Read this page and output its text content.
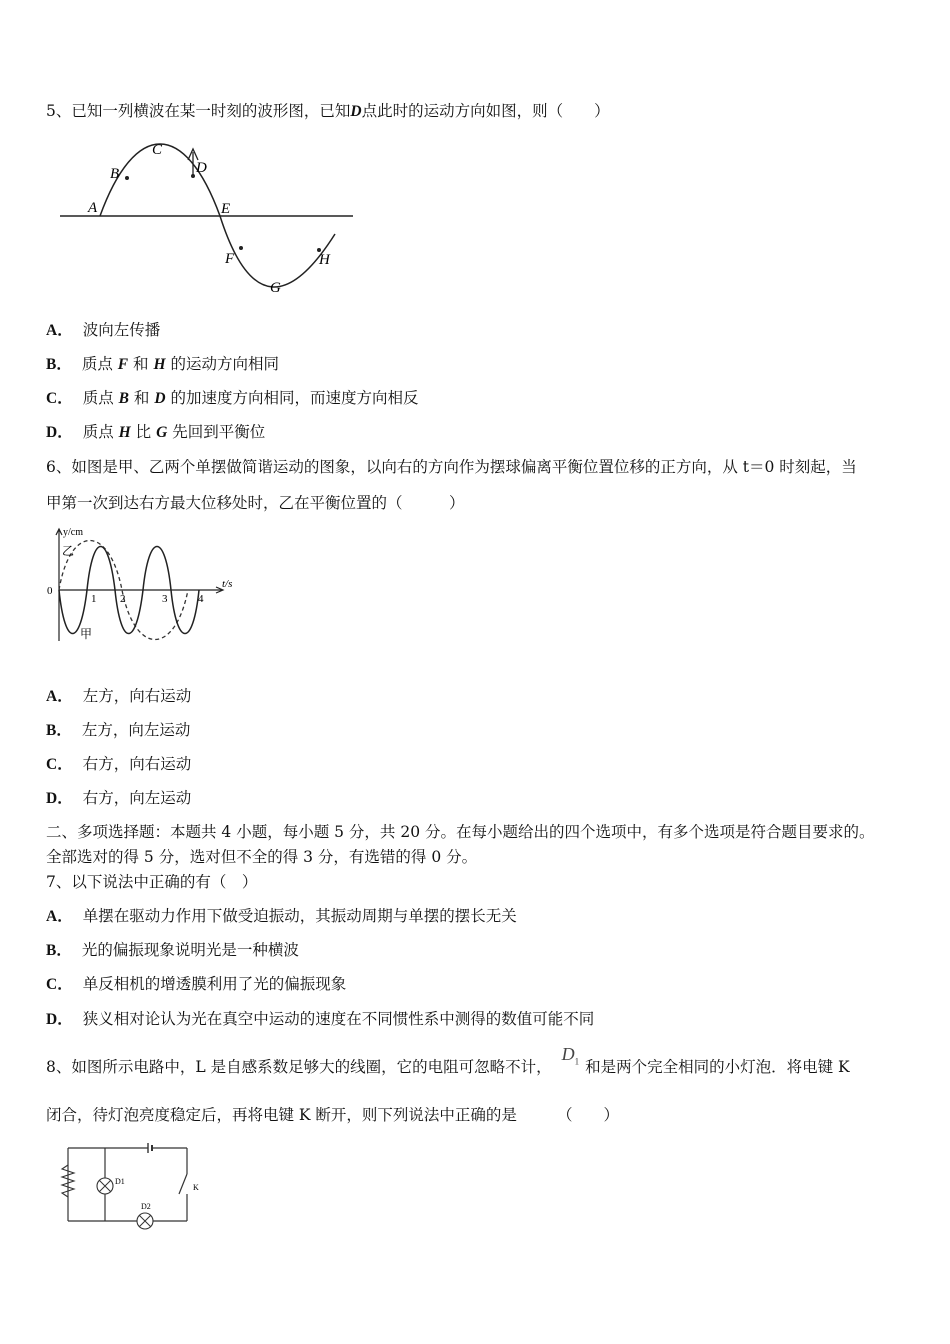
5、已知一列横波在某一时刻的波形图，已知D点此时的运动方向如图，则（　　）
A
B
C
D
E
F
G
H
A． 波向左传播
B． 质点 F 和 H 的运动方向相同
C． 质点 B 和 D 的加速度方向相同，而速度方向相反
D． 质点 H 比 G 先回到平衡位
6、如图是甲、乙两个单摆做简谐运动的图象，以向右的方向作为摆球偏离平衡位置位移的正方向，从 t＝0 时刻起，当
甲第一次到达右方最大位移处时，乙在平衡位置的（　　　）
y/cm
t/s
0
1 2	3	4
乙
甲
A． 左方，向右运动
B． 左方，向左运动
C． 右方，向右运动
D． 右方，向左运动
二、多项选择题：本题共 4 小题，每小题 5 分，共 20 分。在每小题给出的四个选项中，有多个选项是符合题目要求的。
全部选对的得 5 分，选对但不全的得 3 分，有选错的得 0 分。
7、以下说法中正确的有（　）
A． 单摆在驱动力作用下做受迫振动，其振动周期与单摆的摆长无关
B． 光的偏振现象说明光是一种横波
C． 单反相机的增透膜利用了光的偏振现象
D． 狭义相对论认为光在真空中运动的速度在不同惯性系中测得的数值可能不同
8、如图所示电路中，L 是自感系数足够大的线圈，它的电阻可忽略不计，$D_1$ 和是两个完全相同的小灯泡．将电键 K
闭合，待灯泡亮度稳定后，再将电键 K 断开，则下列说法中正确的是	（　　）
D1
D2
K
